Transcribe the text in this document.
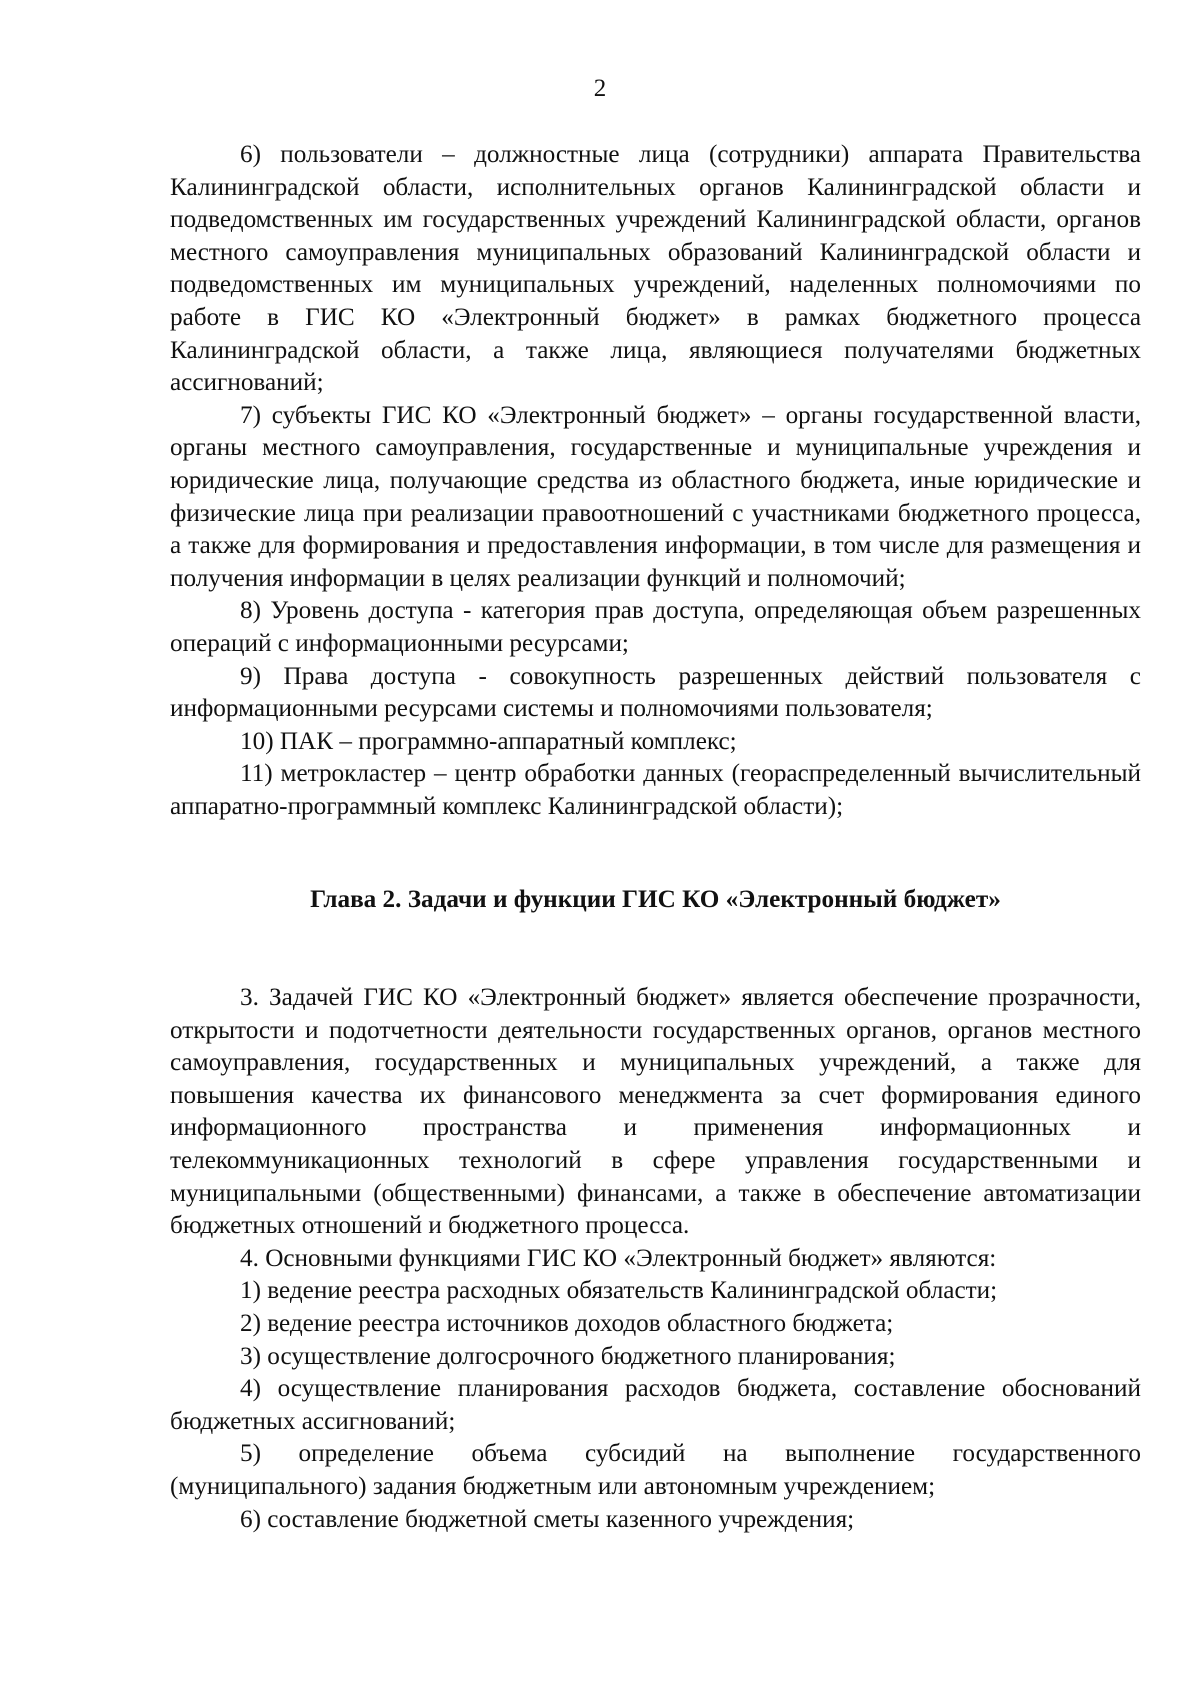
2

6) пользователи – должностные лица (сотрудники) аппарата Правительства Калининградской области, исполнительных органов Калининградской области и подведомственных им государственных учреждений Калининградской области, органов местного самоуправления муниципальных образований Калининградской области и подведомственных им муниципальных учреждений, наделенных полномочиями по работе в ГИС КО «Электронный бюджет» в рамках бюджетного процесса Калининградской области, а также лица, являющиеся получателями бюджетных ассигнований;

7) субъекты ГИС КО «Электронный бюджет» – органы государственной власти, органы местного самоуправления, государственные и муниципальные учреждения и юридические лица, получающие средства из областного бюджета, иные юридические и физические лица при реализации правоотношений с участниками бюджетного процесса, а также для формирования и предоставления информации, в том числе для размещения и получения информации в целях реализации функций и полномочий;

8) Уровень доступа - категория прав доступа, определяющая объем разрешенных операций с информационными ресурсами;

9) Права доступа - совокупность разрешенных действий пользователя с информационными ресурсами системы и полномочиями пользователя;

10) ПАК – программно-аппаратный комплекс;

11) метрокластер – центр обработки данных (геораспределенный вычислительный аппаратно-программный комплекс Калининградской области);

Глава 2. Задачи и функции ГИС КО «Электронный бюджет»

3. Задачей ГИС КО «Электронный бюджет» является обеспечение прозрачности, открытости и подотчетности деятельности государственных органов, органов местного самоуправления, государственных и муниципальных учреждений, а также для повышения качества их финансового менеджмента за счет формирования единого информационного пространства и применения информационных и телекоммуникационных технологий в сфере управления государственными и муниципальными (общественными) финансами, а также в обеспечение автоматизации бюджетных отношений и бюджетного процесса.

4. Основными функциями ГИС КО «Электронный бюджет» являются:

1) ведение реестра расходных обязательств Калининградской области;

2) ведение реестра источников доходов областного бюджета;

3) осуществление долгосрочного бюджетного планирования;

4) осуществление планирования расходов бюджета, составление обоснований бюджетных ассигнований;

5) определение объема субсидий на выполнение государственного (муниципального) задания бюджетным или автономным учреждением;

6) составление бюджетной сметы казенного учреждения;
